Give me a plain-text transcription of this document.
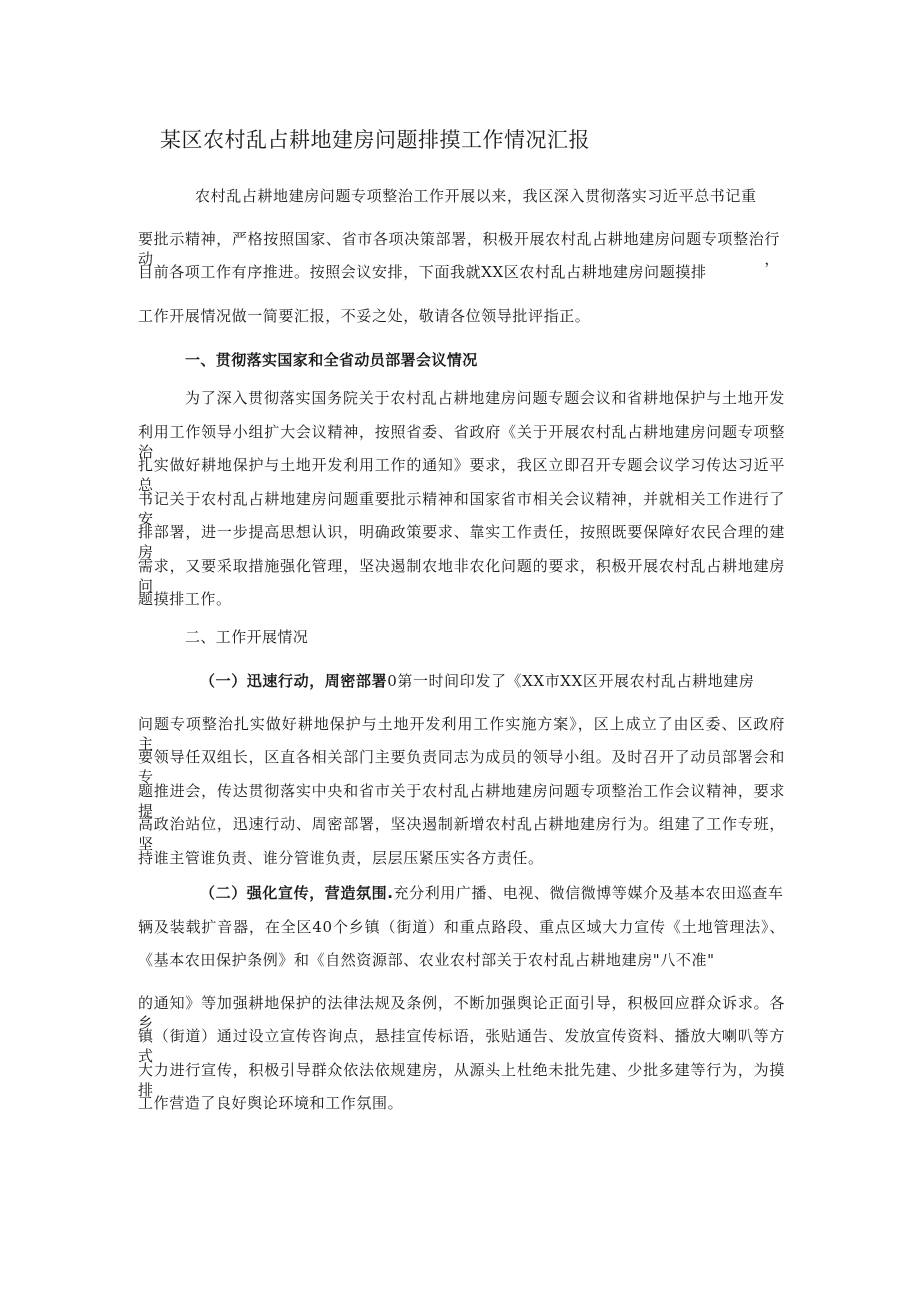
某区农村乱占耕地建房问题排摸工作情况汇报
农村乱占耕地建房问题专项整治工作开展以来，我区深入贯彻落实习近平总书记重
要批示精神，严格按照国家、省市各项决策部署，积极开展农村乱占耕地建房问题专项整治行动，
目前各项工作有序推进。按照会议安排，下面我就XX区农村乱占耕地建房问题摸排
工作开展情况做一简要汇报，不妥之处，敬请各位领导批评指正。
一、贯彻落实国家和全省动员部署会议情况
为了深入贯彻落实国务院关于农村乱占耕地建房问题专题会议和省耕地保护与土地开发
利用工作领导小组扩大会议精神，按照省委、省政府《关于开展农村乱占耕地建房问题专项整治
扎实做好耕地保护与土地开发利用工作的通知》要求，我区立即召开专题会议学习传达习近平总
书记关于农村乱占耕地建房问题重要批示精神和国家省市相关会议精神，并就相关工作进行了安
排部署，进一步提高思想认识，明确政策要求、靠实工作责任，按照既要保障好农民合理的建房
需求，又要采取措施强化管理，坚决遏制农地非农化问题的要求，积极开展农村乱占耕地建房问
题摸排工作。
二、工作开展情况
（一）迅速行动，周密部署0第一时间印发了《XX市XX区开展农村乱占耕地建房
问题专项整治扎实做好耕地保护与土地开发利用工作实施方案》，区上成立了由区委、区政府主
要领导任双组长，区直各相关部门主要负责同志为成员的领导小组。及时召开了动员部署会和专
题推进会，传达贯彻落实中央和省市关于农村乱占耕地建房问题专项整治工作会议精神，要求提
高政治站位，迅速行动、周密部署，坚决遏制新增农村乱占耕地建房行为。组建了工作专班，坚
持谁主管谁负责、谁分管谁负责，层层压紧压实各方责任。
（二）强化宣传，营造氛围.充分利用广播、电视、微信微博等媒介及基本农田巡查车
辆及装载扩音器，在全区40个乡镇（街道）和重点路段、重点区域大力宣传《土地管理法》、
《基本农田保护条例》和《自然资源部、农业农村部关于农村乱占耕地建房"八不准"
的通知》等加强耕地保护的法律法规及条例，不断加强舆论正面引导，积极回应群众诉求。各乡
镇（街道）通过设立宣传咨询点，悬挂宣传标语，张贴通告、发放宣传资料、播放大喇叭等方式
大力进行宣传，积极引导群众依法依规建房，从源头上杜绝未批先建、少批多建等行为，为摸排
工作营造了良好舆论环境和工作氛围。
